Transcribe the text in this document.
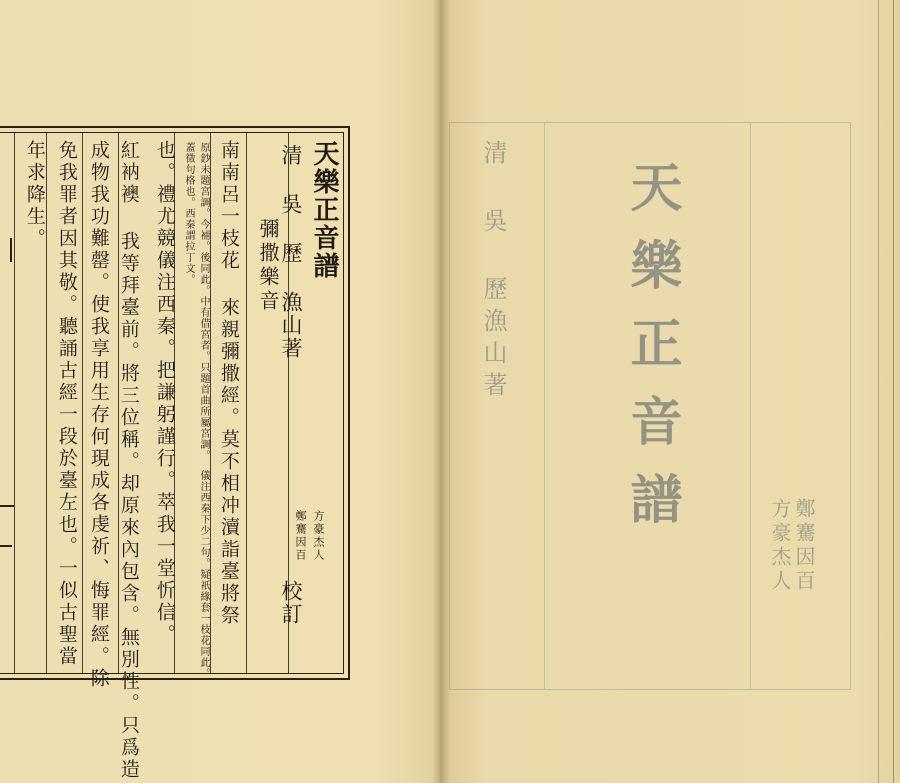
天樂正音譜
清 吳 歷 漁山著
方豪杰人
鄭騫因百
校訂
彌撒樂音
南南呂一枝花 來親彌撒經。莫不相冲瀆詣臺將祭
原鈔未題宮調。今補。後同此。中有借宮者。只題首曲所屬宮調。
蓋徵句格也。西秦謂拉丁文。
儀注西秦下少二句。疑祇緣套一枝花同此。
也。禮尤競儀注西秦。把謙躬謹行。萃我一堂忻信。
紅衲襖 我等拜臺前。將三位稱。却原來內包含。無別性。只爲造
成物我功難罄。使我享用生存何現成各虔祈、悔罪經。除
免我罪者因其敬。聽誦古經一段於臺左也。一似古聖當
年求降生。	天樂正音譜
清 吳 歷漁山著
鄭騫因百
方豪杰人
